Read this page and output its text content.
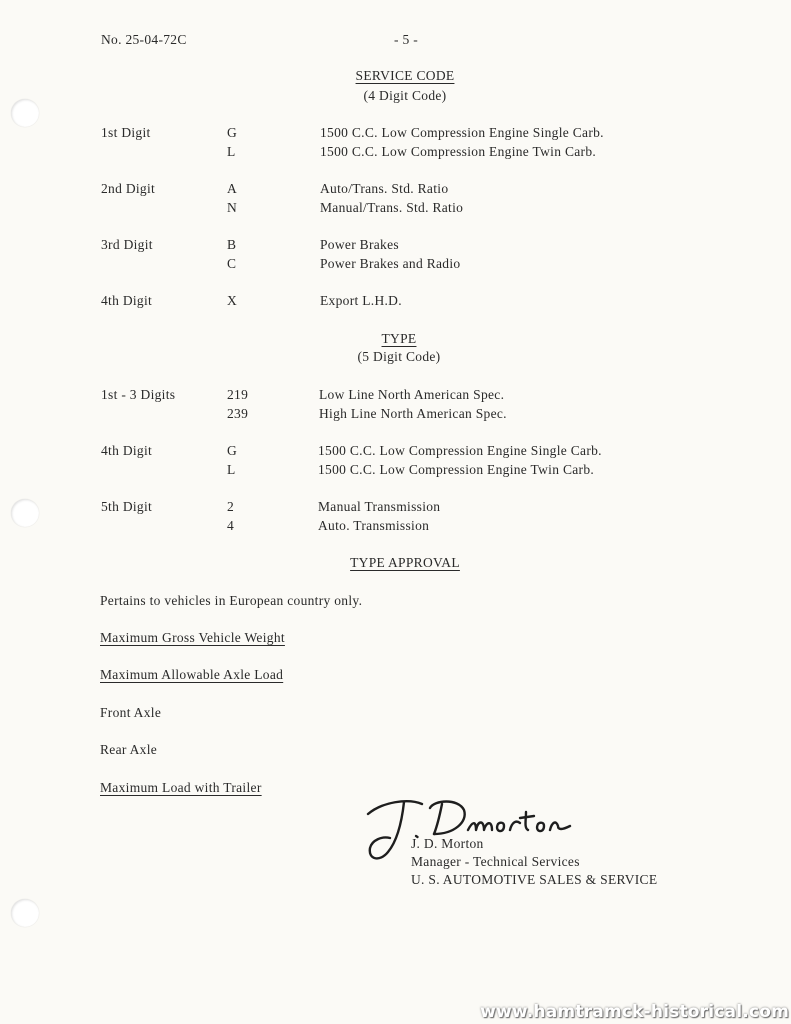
No. 25-04-72C	- 5 -
SERVICE CODE
(4 Digit Code)
1st Digit	G	1500 C.C. Low Compression Engine Single Carb.
L	1500 C.C. Low Compression Engine Twin Carb.
2nd Digit	A	Auto/Trans. Std. Ratio
N	Manual/Trans. Std. Ratio
3rd Digit	B	Power Brakes
C	Power Brakes and Radio
4th Digit	X	Export L.H.D.
TYPE
(5 Digit Code)
1st - 3 Digits	219	Low Line North American Spec.
239	High Line North American Spec.
4th Digit	G	1500 C.C. Low Compression Engine Single Carb.
L	1500 C.C. Low Compression Engine Twin Carb.
5th Digit	2	Manual Transmission
4	Auto. Transmission
TYPE APPROVAL
Pertains to vehicles in European country only.
Maximum Gross Vehicle Weight
Maximum Allowable Axle Load
Front Axle
Rear Axle
Maximum Load with Trailer
J. D. Morton
Manager - Technical Services
U. S. AUTOMOTIVE SALES & SERVICE
www.hamtramck-historical.com
